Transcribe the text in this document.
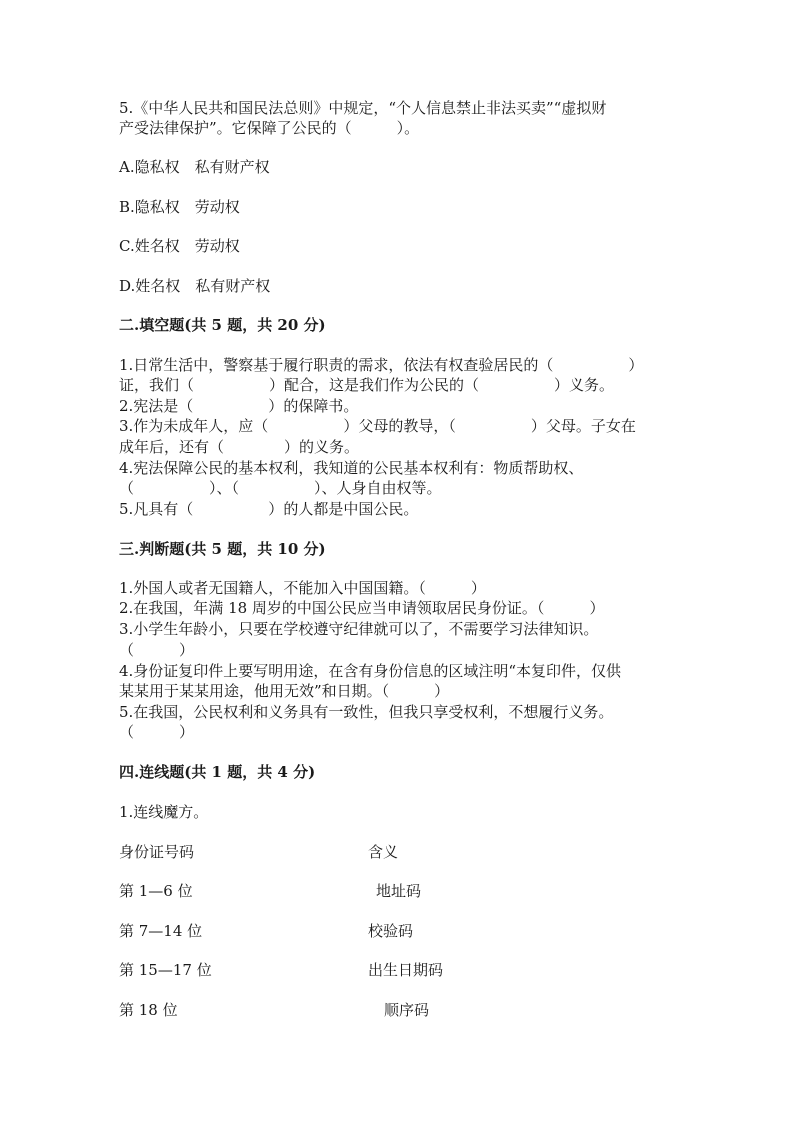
5.《中华人民共和国民法总则》中规定，“个人信息禁止非法买卖”“虚拟财
产受法律保护”。它保障了公民的（　　　）。
A.隐私权　私有财产权
B.隐私权　劳动权
C.姓名权　劳动权
D.姓名权　私有财产权
二.填空题(共 5 题，共 20 分)
1.日常生活中，警察基于履行职责的需求，依法有权查验居民的（　　　　　）
证，我们（　　　　　）配合，这是我们作为公民的（　　　　　）义务。
2.宪法是（　　　　　）的保障书。
3.作为未成年人，应（　　　　　）父母的教导，（　　　　　）父母。子女在
成年后，还有（　　　　）的义务。
4.宪法保障公民的基本权利，我知道的公民基本权利有：物质帮助权、
（　　　　　）、（　　　　　）、人身自由权等。
5.凡具有（　　　　　）的人都是中国公民。
三.判断题(共 5 题，共 10 分)
1.外国人或者无国籍人，不能加入中国国籍。（　　　）
2.在我国，年满 18 周岁的中国公民应当申请领取居民身份证。（　　　）
3.小学生年龄小，只要在学校遵守纪律就可以了，不需要学习法律知识。
（　　　）
4.身份证复印件上要写明用途，在含有身份信息的区域注明“本复印件，仅供
某某用于某某用途，他用无效”和日期。（　　　）
5.在我国，公民权利和义务具有一致性，但我只享受权利，不想履行义务。
（　　　）
四.连线题(共 1 题，共 4 分)
1.连线魔方。
身份证号码	含义
第 1—6 位	地址码
第 7—14 位	校验码
第 15—17 位	出生日期码
第 18 位	顺序码
